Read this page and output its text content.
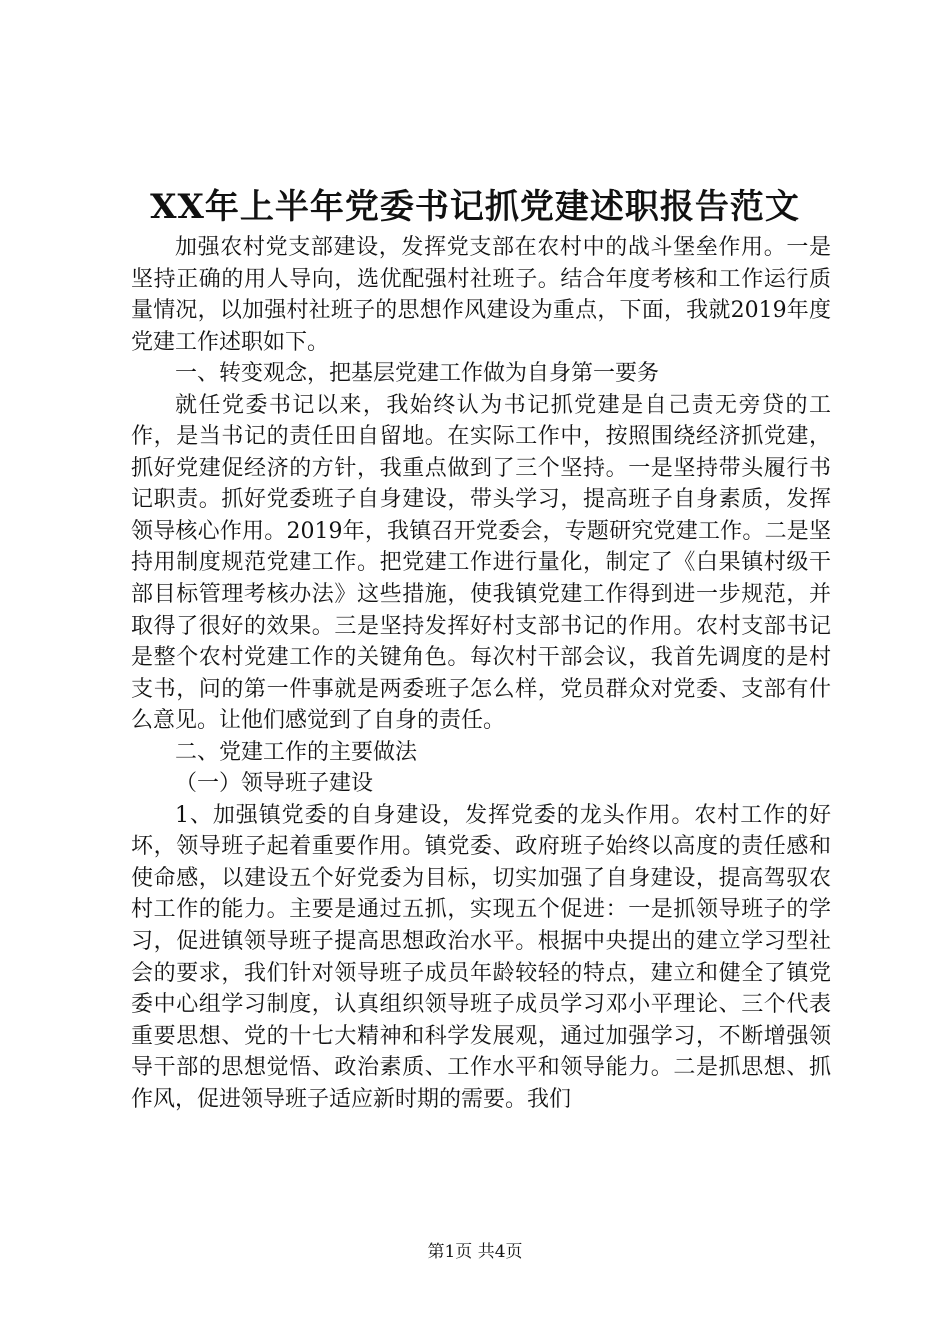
XX年上半年党委书记抓党建述职报告范文

加强农村党支部建设，发挥党支部在农村中的战斗堡垒作用。一是坚持正确的用人导向，选优配强村社班子。结合年度考核和工作运行质量情况，以加强村社班子的思想作风建设为重点，下面，我就2019年度党建工作述职如下。

一、转变观念，把基层党建工作做为自身第一要务

就任党委书记以来，我始终认为书记抓党建是自己责无旁贷的工作，是当书记的责任田自留地。在实际工作中，按照围绕经济抓党建，抓好党建促经济的方针，我重点做到了三个坚持。一是坚持带头履行书记职责。抓好党委班子自身建设，带头学习，提高班子自身素质，发挥领导核心作用。2019年，我镇召开党委会，专题研究党建工作。二是坚持用制度规范党建工作。把党建工作进行量化，制定了《白果镇村级干部目标管理考核办法》这些措施，使我镇党建工作得到进一步规范，并取得了很好的效果。三是坚持发挥好村支部书记的作用。农村支部书记是整个农村党建工作的关键角色。每次村干部会议，我首先调度的是村支书，问的第一件事就是两委班子怎么样，党员群众对党委、支部有什么意见。让他们感觉到了自身的责任。

二、党建工作的主要做法

（一）领导班子建设

1、加强镇党委的自身建设，发挥党委的龙头作用。农村工作的好坏，领导班子起着重要作用。镇党委、政府班子始终以高度的责任感和使命感，以建设五个好党委为目标，切实加强了自身建设，提高驾驭农村工作的能力。主要是通过五抓，实现五个促进：一是抓领导班子的学习，促进镇领导班子提高思想政治水平。根据中央提出的建立学习型社会的要求，我们针对领导班子成员年龄较轻的特点，建立和健全了镇党委中心组学习制度，认真组织领导班子成员学习邓小平理论、三个代表重要思想、党的十七大精神和科学发展观，通过加强学习，不断增强领导干部的思想觉悟、政治素质、工作水平和领导能力。二是抓思想、抓作风，促进领导班子适应新时期的需要。我们

第1页 共4页
